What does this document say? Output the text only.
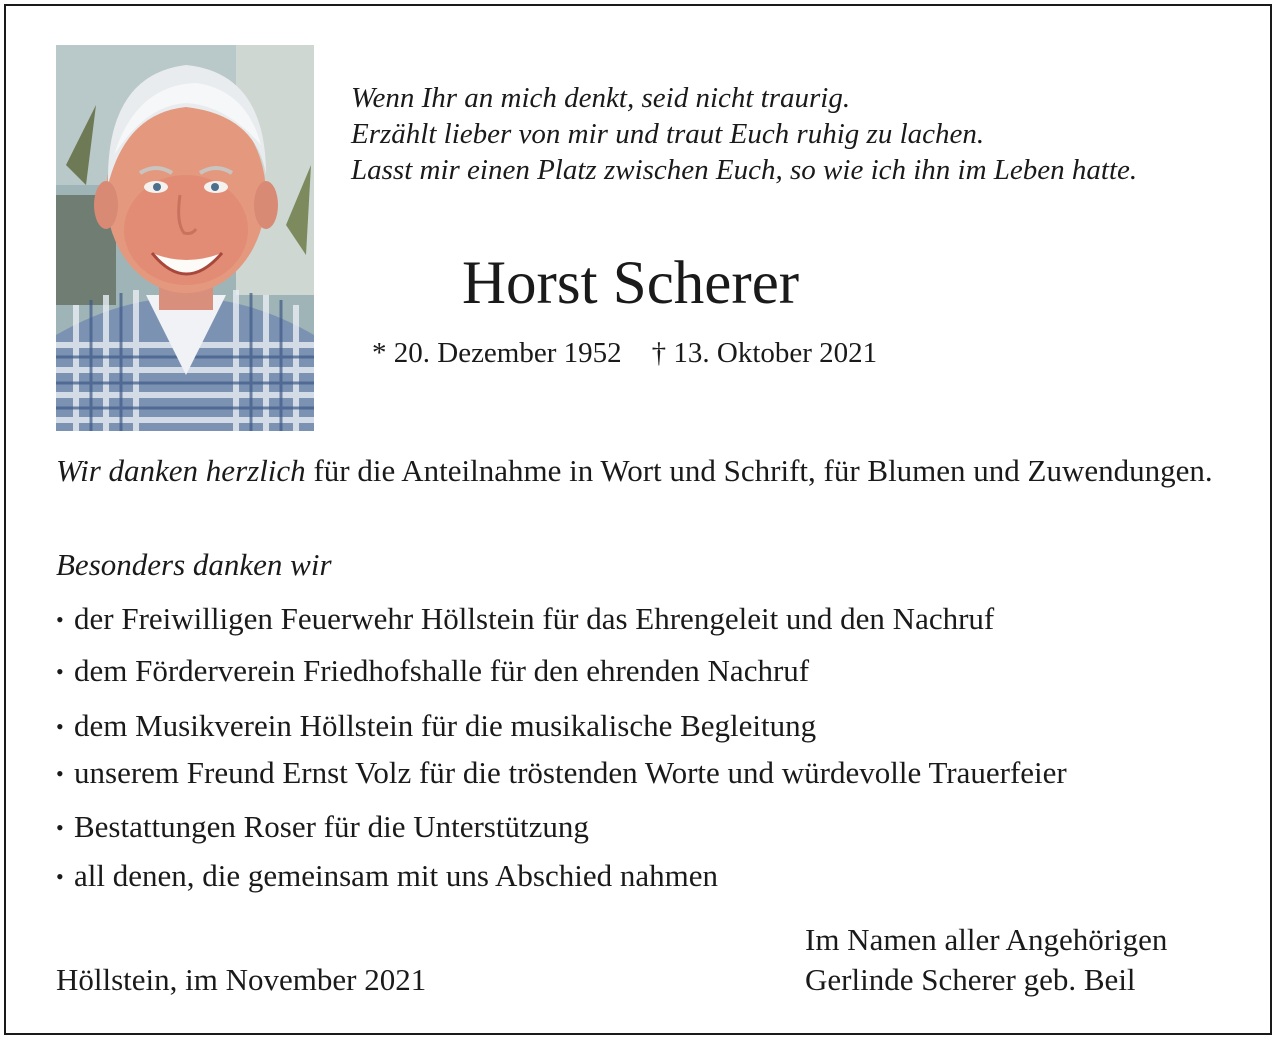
Wenn Ihr an mich denkt, seid nicht traurig.
Erzählt lieber von mir und traut Euch ruhig zu lachen.
Lasst mir einen Platz zwischen Euch, so wie ich ihn im Leben hatte.
Horst Scherer
* 20. Dezember 1952 † 13. Oktober 2021
Wir danken herzlich für die Anteilnahme in Wort und Schrift, für Blumen und Zuwendungen.
Besonders danken wir
• der Freiwilligen Feuerwehr Höllstein für das Ehrengeleit und den Nachruf
• dem Förderverein Friedhofshalle für den ehrenden Nachruf
• dem Musikverein Höllstein für die musikalische Begleitung
• unserem Freund Ernst Volz für die tröstenden Worte und würdevolle Trauerfeier
• Bestattungen Roser für die Unterstützung
• all denen, die gemeinsam mit uns Abschied nahmen
Höllstein, im November 2021
Im Namen aller Angehörigen
Gerlinde Scherer geb. Beil
